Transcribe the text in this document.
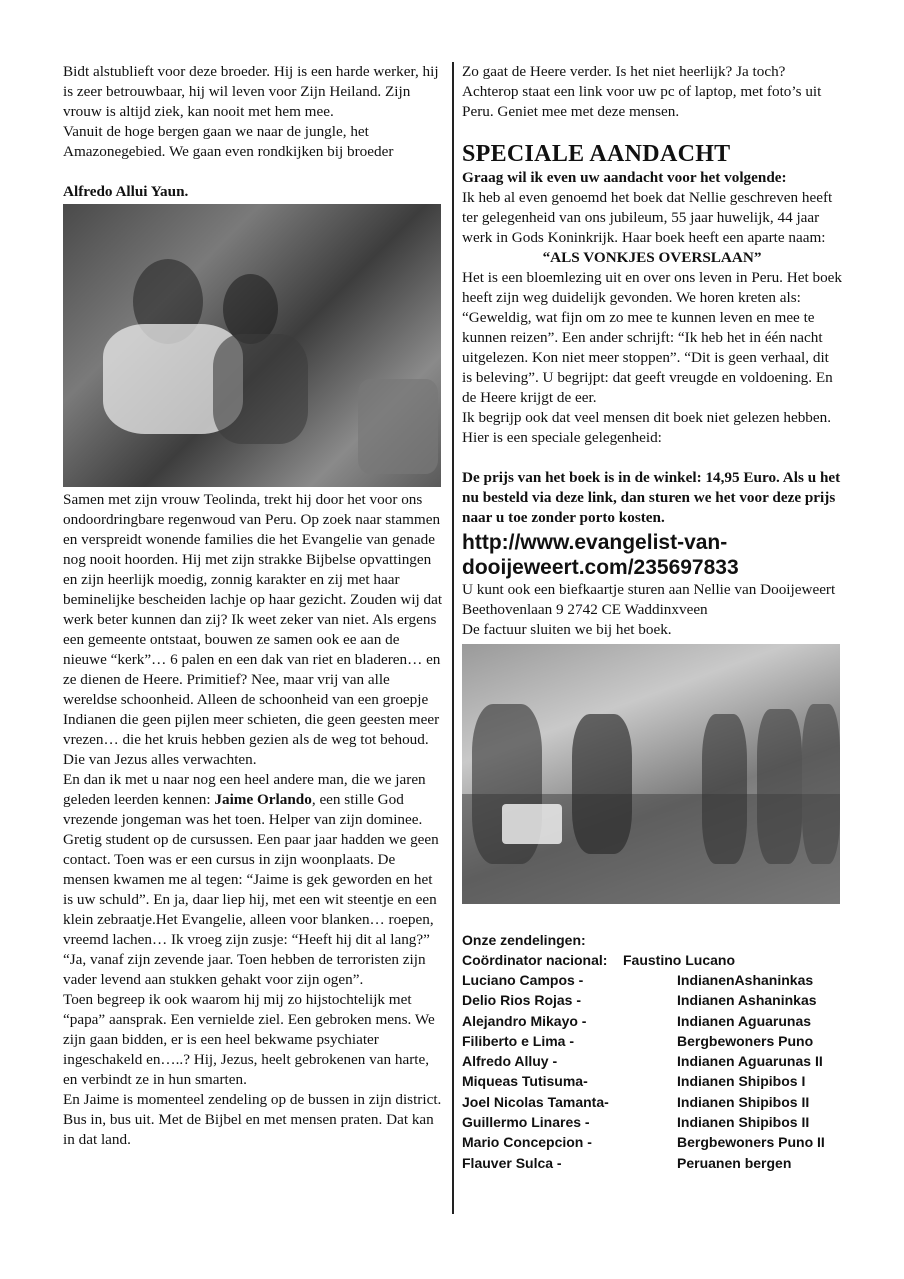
Bidt alstublieft voor deze broeder. Hij is een harde werker, hij is zeer betrouwbaar, hij wil leven voor Zijn Heiland. Zijn vrouw is altijd ziek, kan nooit met hem mee.

Vanuit de hoge bergen gaan we naar de jungle, het Amazonegebied. We gaan even rondkijken bij broeder

Alfredo Allui Yaun.

Samen met zijn vrouw Teolinda, trekt hij door het voor ons ondoordringbare regenwoud van Peru. Op zoek naar stammen en verspreidt wonende families die het Evangelie van genade nog nooit hoorden. Hij met zijn strakke Bijbelse opvattingen en zijn heerlijk moedig, zonnig karakter en zij met haar beminelijke bescheiden lachje op haar gezicht. Zouden wij dat werk beter kunnen dan zij? Ik weet zeker van niet. Als ergens een gemeente ontstaat, bouwen ze samen ook ee aan de nieuwe “kerk”… 6 palen en een dak van riet en bladeren… en ze dienen de Heere. Primitief? Nee, maar vrij van alle wereldse schoonheid. Alleen de schoonheid van een groepje Indianen die geen pijlen meer schieten, die geen geesten meer vrezen… die het kruis hebben gezien als de weg tot behoud. Die van Jezus alles verwachten.

En dan ik met u naar nog een heel andere man, die we jaren geleden leerden kennen: Jaime Orlando, een stille God vrezende jongeman was het toen. Helper van zijn dominee. Gretig student op de cursussen. Een paar jaar hadden we geen contact. Toen was er een cursus in zijn woonplaats. De mensen kwamen me al tegen: “Jaime is gek geworden en het is uw schuld”. En ja, daar liep hij, met een wit steentje en een klein zebraatje.Het Evangelie, alleen voor blanken… roepen, vreemd lachen… Ik vroeg zijn zusje: “Heeft hij dit al lang?” “Ja, vanaf zijn zevende jaar. Toen hebben de terroristen zijn vader levend aan stukken gehakt voor zijn ogen”.

Toen begreep ik ook waarom hij mij zo hijstochtelijk met “papa” aansprak. Een vernielde ziel. Een gebroken mens. We zijn gaan bidden, er is een heel bekwame psychiater ingeschakeld en…..? Hij, Jezus, heelt gebrokenen van harte, en verbindt ze in hun smarten.

En Jaime is momenteel zendeling op de bussen in zijn district. Bus in, bus uit. Met de Bijbel en met mensen praten. Dat kan in dat land.

Zo gaat de Heere verder. Is het niet heerlijk? Ja toch? Achterop staat een link voor uw pc of laptop, met foto’s uit Peru. Geniet mee met deze mensen.

SPECIALE AANDACHT

Graag wil ik even uw aandacht voor het volgende:

Ik heb al even genoemd het boek dat Nellie geschreven heeft ter gelegenheid van ons jubileum, 55 jaar huwelijk, 44 jaar werk in Gods Koninkrijk. Haar boek heeft een aparte naam:

“ALS VONKJES OVERSLAAN”

Het is een bloemlezing uit en over ons leven in Peru. Het boek heeft zijn weg duidelijk gevonden. We horen kreten als: “Geweldig, wat fijn om zo mee te kunnen leven en mee te kunnen reizen”. Een ander schrijft: “Ik heb het in één nacht uitgelezen. Kon niet meer stoppen”. “Dit is geen verhaal, dit is beleving”. U begrijpt: dat geeft vreugde en voldoening. En de Heere krijgt de eer.

Ik begrijp ook dat veel mensen dit boek niet gelezen hebben. Hier is een speciale gelegenheid:

De prijs van het boek is in de winkel: 14,95 Euro. Als u het nu besteld via deze link, dan sturen we het voor deze prijs naar u toe zonder porto kosten.

http://www.evangelist-van-dooijeweert.com/235697833

U kunt ook een biefkaartje sturen aan Nellie van Dooijeweert Beethovenlaan 9 2742 CE Waddinxveen

De factuur sluiten we bij het boek.

Onze zendelingen:
Coördinator nacional:	Faustino Lucano
Luciano Campos -	IndianenAshaninkas
Delio Rios Rojas -	Indianen Ashaninkas
Alejandro Mikayo -	Indianen Aguarunas
Filiberto e Lima -	Bergbewoners Puno
Alfredo Alluy -	Indianen Aguarunas II
Miqueas Tutisuma-	Indianen Shipibos I
Joel Nicolas Tamanta-	Indianen Shipibos II
Guillermo Linares -	Indianen Shipibos II
Mario Concepcion -	Bergbewoners Puno II
Flauver Sulca -	Peruanen bergen
